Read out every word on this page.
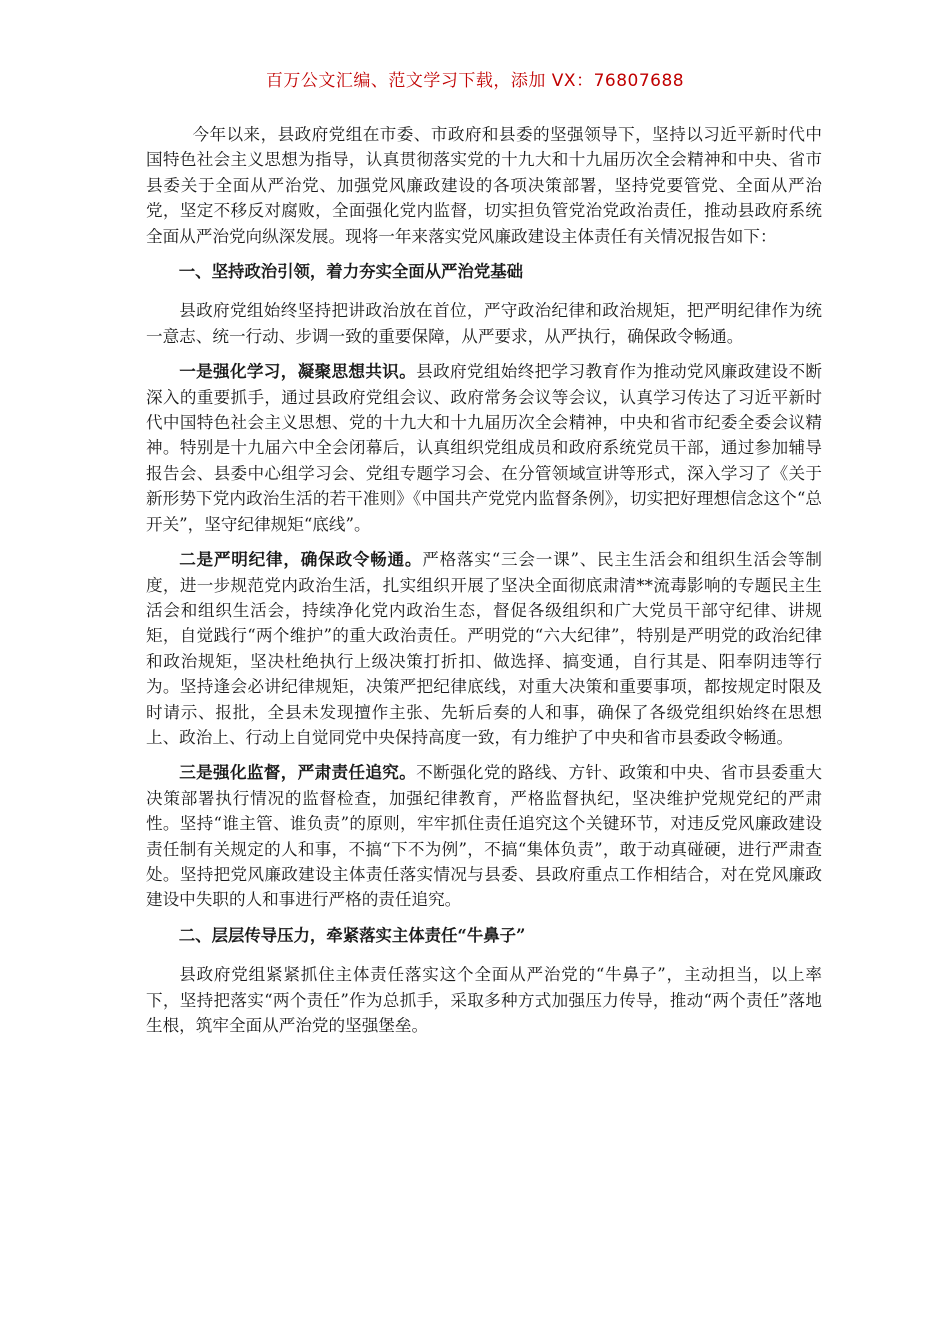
百万公文汇编、范文学习下载，添加 VX：76807688

今年以来，县政府党组在市委、市政府和县委的坚强领导下，坚持以习近平新时代中国特色社会主义思想为指导，认真贯彻落实党的十九大和十九届历次全会精神和中央、省市县委关于全面从严治党、加强党风廉政建设的各项决策部署，坚持党要管党、全面从严治党，坚定不移反对腐败，全面强化党内监督，切实担负管党治党政治责任，推动县政府系统全面从严治党向纵深发展。现将一年来落实党风廉政建设主体责任有关情况报告如下：

一、坚持政治引领，着力夯实全面从严治党基础

县政府党组始终坚持把讲政治放在首位，严守政治纪律和政治规矩，把严明纪律作为统一意志、统一行动、步调一致的重要保障，从严要求，从严执行，确保政令畅通。

一是强化学习，凝聚思想共识。县政府党组始终把学习教育作为推动党风廉政建设不断深入的重要抓手，通过县政府党组会议、政府常务会议等会议，认真学习传达了习近平新时代中国特色社会主义思想、党的十九大和十九届历次全会精神，中央和省市纪委全委会议精神。特别是十九届六中全会闭幕后，认真组织党组成员和政府系统党员干部，通过参加辅导报告会、县委中心组学习会、党组专题学习会、在分管领域宣讲等形式，深入学习了《关于新形势下党内政治生活的若干准则》《中国共产党党内监督条例》，切实把好理想信念这个“总开关”，坚守纪律规矩“底线”。

二是严明纪律，确保政令畅通。严格落实“三会一课”、民主生活会和组织生活会等制度，进一步规范党内政治生活，扎实组织开展了坚决全面彻底肃清**流毒影响的专题民主生活会和组织生活会，持续净化党内政治生态，督促各级组织和广大党员干部守纪律、讲规矩，自觉践行“两个维护”的重大政治责任。严明党的“六大纪律”，特别是严明党的政治纪律和政治规矩，坚决杜绝执行上级决策打折扣、做选择、搞变通，自行其是、阳奉阴违等行为。坚持逢会必讲纪律规矩，决策严把纪律底线，对重大决策和重要事项，都按规定时限及时请示、报批，全县未发现擅作主张、先斩后奏的人和事，确保了各级党组织始终在思想上、政治上、行动上自觉同党中央保持高度一致，有力维护了中央和省市县委政令畅通。

三是强化监督，严肃责任追究。不断强化党的路线、方针、政策和中央、省市县委重大决策部署执行情况的监督检查，加强纪律教育，严格监督执纪，坚决维护党规党纪的严肃性。坚持“谁主管、谁负责”的原则，牢牢抓住责任追究这个关键环节，对违反党风廉政建设责任制有关规定的人和事，不搞“下不为例”，不搞“集体负责”，敢于动真碰硬，进行严肃查处。坚持把党风廉政建设主体责任落实情况与县委、县政府重点工作相结合，对在党风廉政建设中失职的人和事进行严格的责任追究。

二、层层传导压力，牵紧落实主体责任“牛鼻子”

县政府党组紧紧抓住主体责任落实这个全面从严治党的“牛鼻子”，主动担当，以上率下，坚持把落实“两个责任”作为总抓手，采取多种方式加强压力传导，推动“两个责任”落地生根，筑牢全面从严治党的坚强堡垒。
